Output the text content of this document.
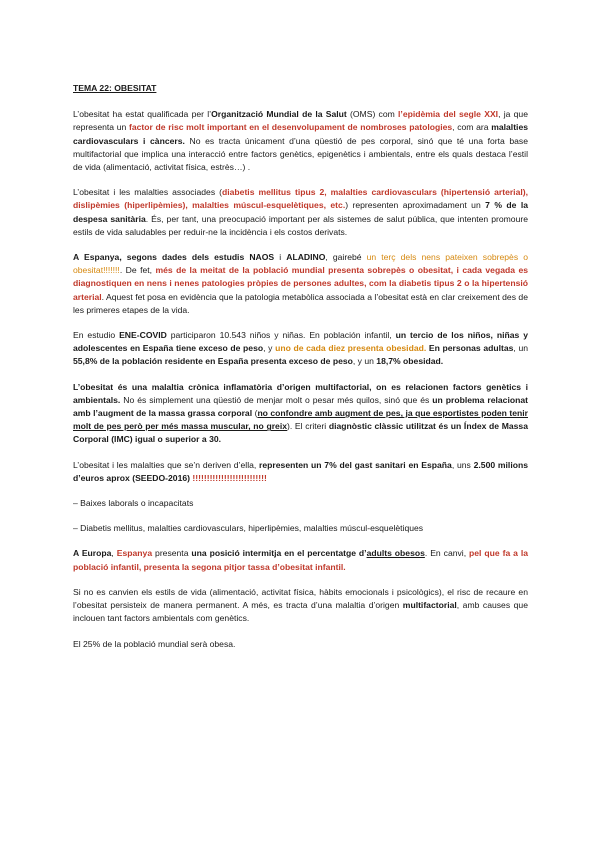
TEMA 22: OBESITAT

L’obesitat ha estat qualificada per l’Organització Mundial de la Salut (OMS) com l’epidèmia del segle XXI, ja que representa un factor de risc molt important en el desenvolupament de nombroses patologies, com ara malalties cardiovasculars i càncers. No es tracta únicament d’una qüestió de pes corporal, sinó que té una forta base multifactorial que implica una interacció entre factors genètics, epigenètics i ambientals, entre els quals destaca l’estil de vida (alimentació, activitat física, estrès…) .

L’obesitat i les malalties associades (diabetis mellitus tipus 2, malalties cardiovasculars (hipertensió arterial), dislipèmies (hiperlipèmies), malalties múscul-esquelètiques, etc.) representen aproximadament un 7 % de la despesa sanitària. És, per tant, una preocupació important per als sistemes de salut pública, que intenten promoure estils de vida saludables per reduir-ne la incidència i els costos derivats.

A Espanya, segons dades dels estudis NAOS i ALADINO, gairebé un terç dels nens pateixen sobrepès o obesitat!!!!!!!. De fet, més de la meitat de la població mundial presenta sobrepès o obesitat, i cada vegada es diagnostiquen en nens i nenes patologies pròpies de persones adultes, com la diabetis tipus 2 o la hipertensió arterial. Aquest fet posa en evidència que la patologia metabòlica associada a l’obesitat està en clar creixement des de les primeres etapes de la vida.

En estudio ENE-COVID participaron 10.543 niños y niñas. En población infantil, un tercio de los niños, niñas y adolescentes en España tiene exceso de peso, y uno de cada diez presenta obesidad. En personas adultas, un 55,8% de la población residente en España presenta exceso de peso, y un 18,7% obesidad.

L’obesitat és una malaltia crònica inflamatòria d’origen multifactorial, on es relacionen factors genètics i ambientals. No és simplement una qüestió de menjar molt o pesar més quilos, sinó que és un problema relacionat amb l’augment de la massa grassa corporal (no confondre amb augment de pes, ja que esportistes poden tenir molt de pes però per més massa muscular, no greix). El criteri diagnòstic clàssic utilitzat és un Índex de Massa Corporal (IMC) igual o superior a 30.

L’obesitat i les malalties que se’n deriven d’ella, representen un 7% del gast sanitari en España, uns 2.500 milions d’euros aprox (SEEDO-2016) !!!!!!!!!!!!!!!!!!!!!!!!!!

– Baixes laborals o incapacitats

– Diabetis mellitus, malalties cardiovasculars, hiperlipèmies, malalties múscul-esquelètiques

A Europa, Espanya presenta una posició intermitja en el percentatge d’adults obesos. En canvi, pel que fa a la població infantil, presenta la segona pitjor tassa d’obesitat infantil.

Si no es canvien els estils de vida (alimentació, activitat física, hàbits emocionals i psicològics), el risc de recaure en l’obesitat persisteix de manera permanent. A més, es tracta d’una malaltia d’origen multifactorial, amb causes que inclouen tant factors ambientals com genètics.

El 25% de la població mundial serà obesa.
